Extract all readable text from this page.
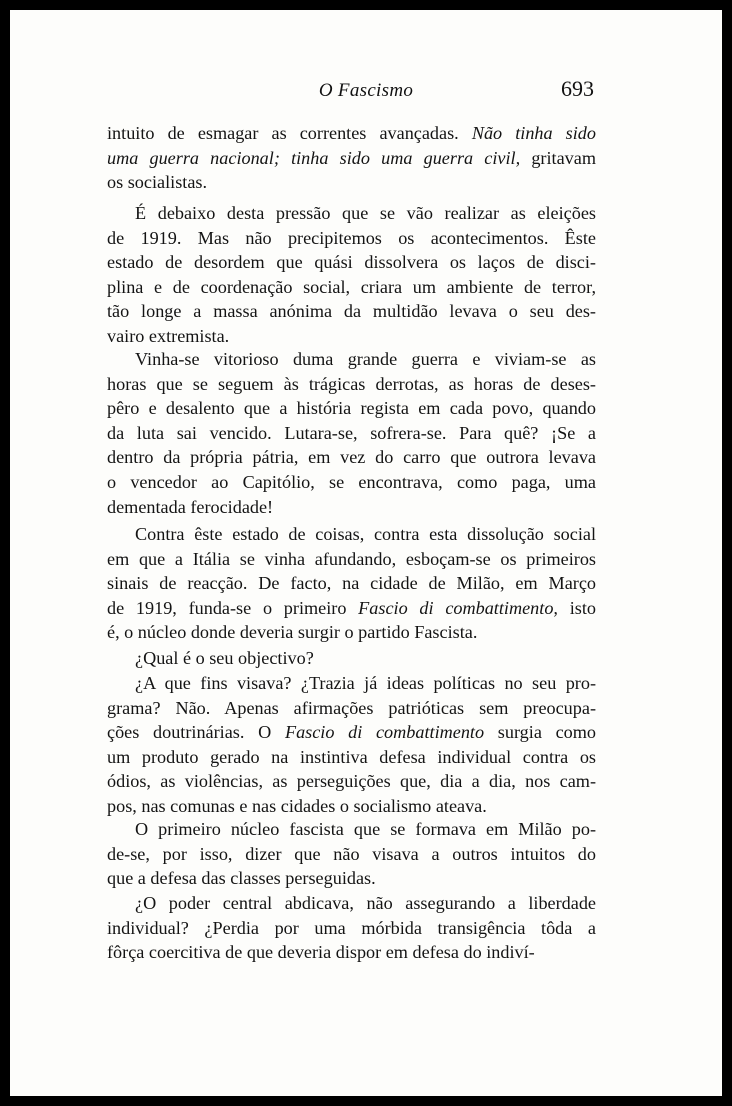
O Fascismo	693
intuito de esmagar as correntes avançadas. Não tinha sido
uma guerra nacional; tinha sido uma guerra civil, gritavam
os socialistas.
É debaixo desta pressão que se vão realizar as eleições
de 1919. Mas não precipitemos os acontecimentos. Êste
estado de desordem que quási dissolvera os laços de disci-
plina e de coordenação social, criara um ambiente de terror,
tão longe a massa anónima da multidão levava o seu des-
vairo extremista.
Vinha-se vitorioso duma grande guerra e viviam-se as
horas que se seguem às trágicas derrotas, as horas de deses-
pêro e desalento que a história regista em cada povo, quando
da luta sai vencido. Lutara-se, sofrera-se. Para quê? ¡Se a
dentro da própria pátria, em vez do carro que outrora levava
o vencedor ao Capitólio, se encontrava, como paga, uma
dementada ferocidade!
Contra êste estado de coisas, contra esta dissolução social
em que a Itália se vinha afundando, esboçam-se os primeiros
sinais de reacção. De facto, na cidade de Milão, em Março
de 1919, funda-se o primeiro Fascio di combattimento, isto
é, o núcleo donde deveria surgir o partido Fascista.
¿Qual é o seu objectivo?
¿A que fins visava? ¿Trazia já ideas políticas no seu pro-
grama? Não. Apenas afirmações patrióticas sem preocupa-
ções doutrinárias. O Fascio di combattimento surgia como
um produto gerado na instintiva defesa individual contra os
ódios, as violências, as perseguições que, dia a dia, nos cam-
pos, nas comunas e nas cidades o socialismo ateava.
O primeiro núcleo fascista que se formava em Milão po-
de-se, por isso, dizer que não visava a outros intuitos do
que a defesa das classes perseguidas.
¿O poder central abdicava, não assegurando a liberdade
individual? ¿Perdia por uma mórbida transigência tôda a
fôrça coercitiva de que deveria dispor em defesa do indiví-
